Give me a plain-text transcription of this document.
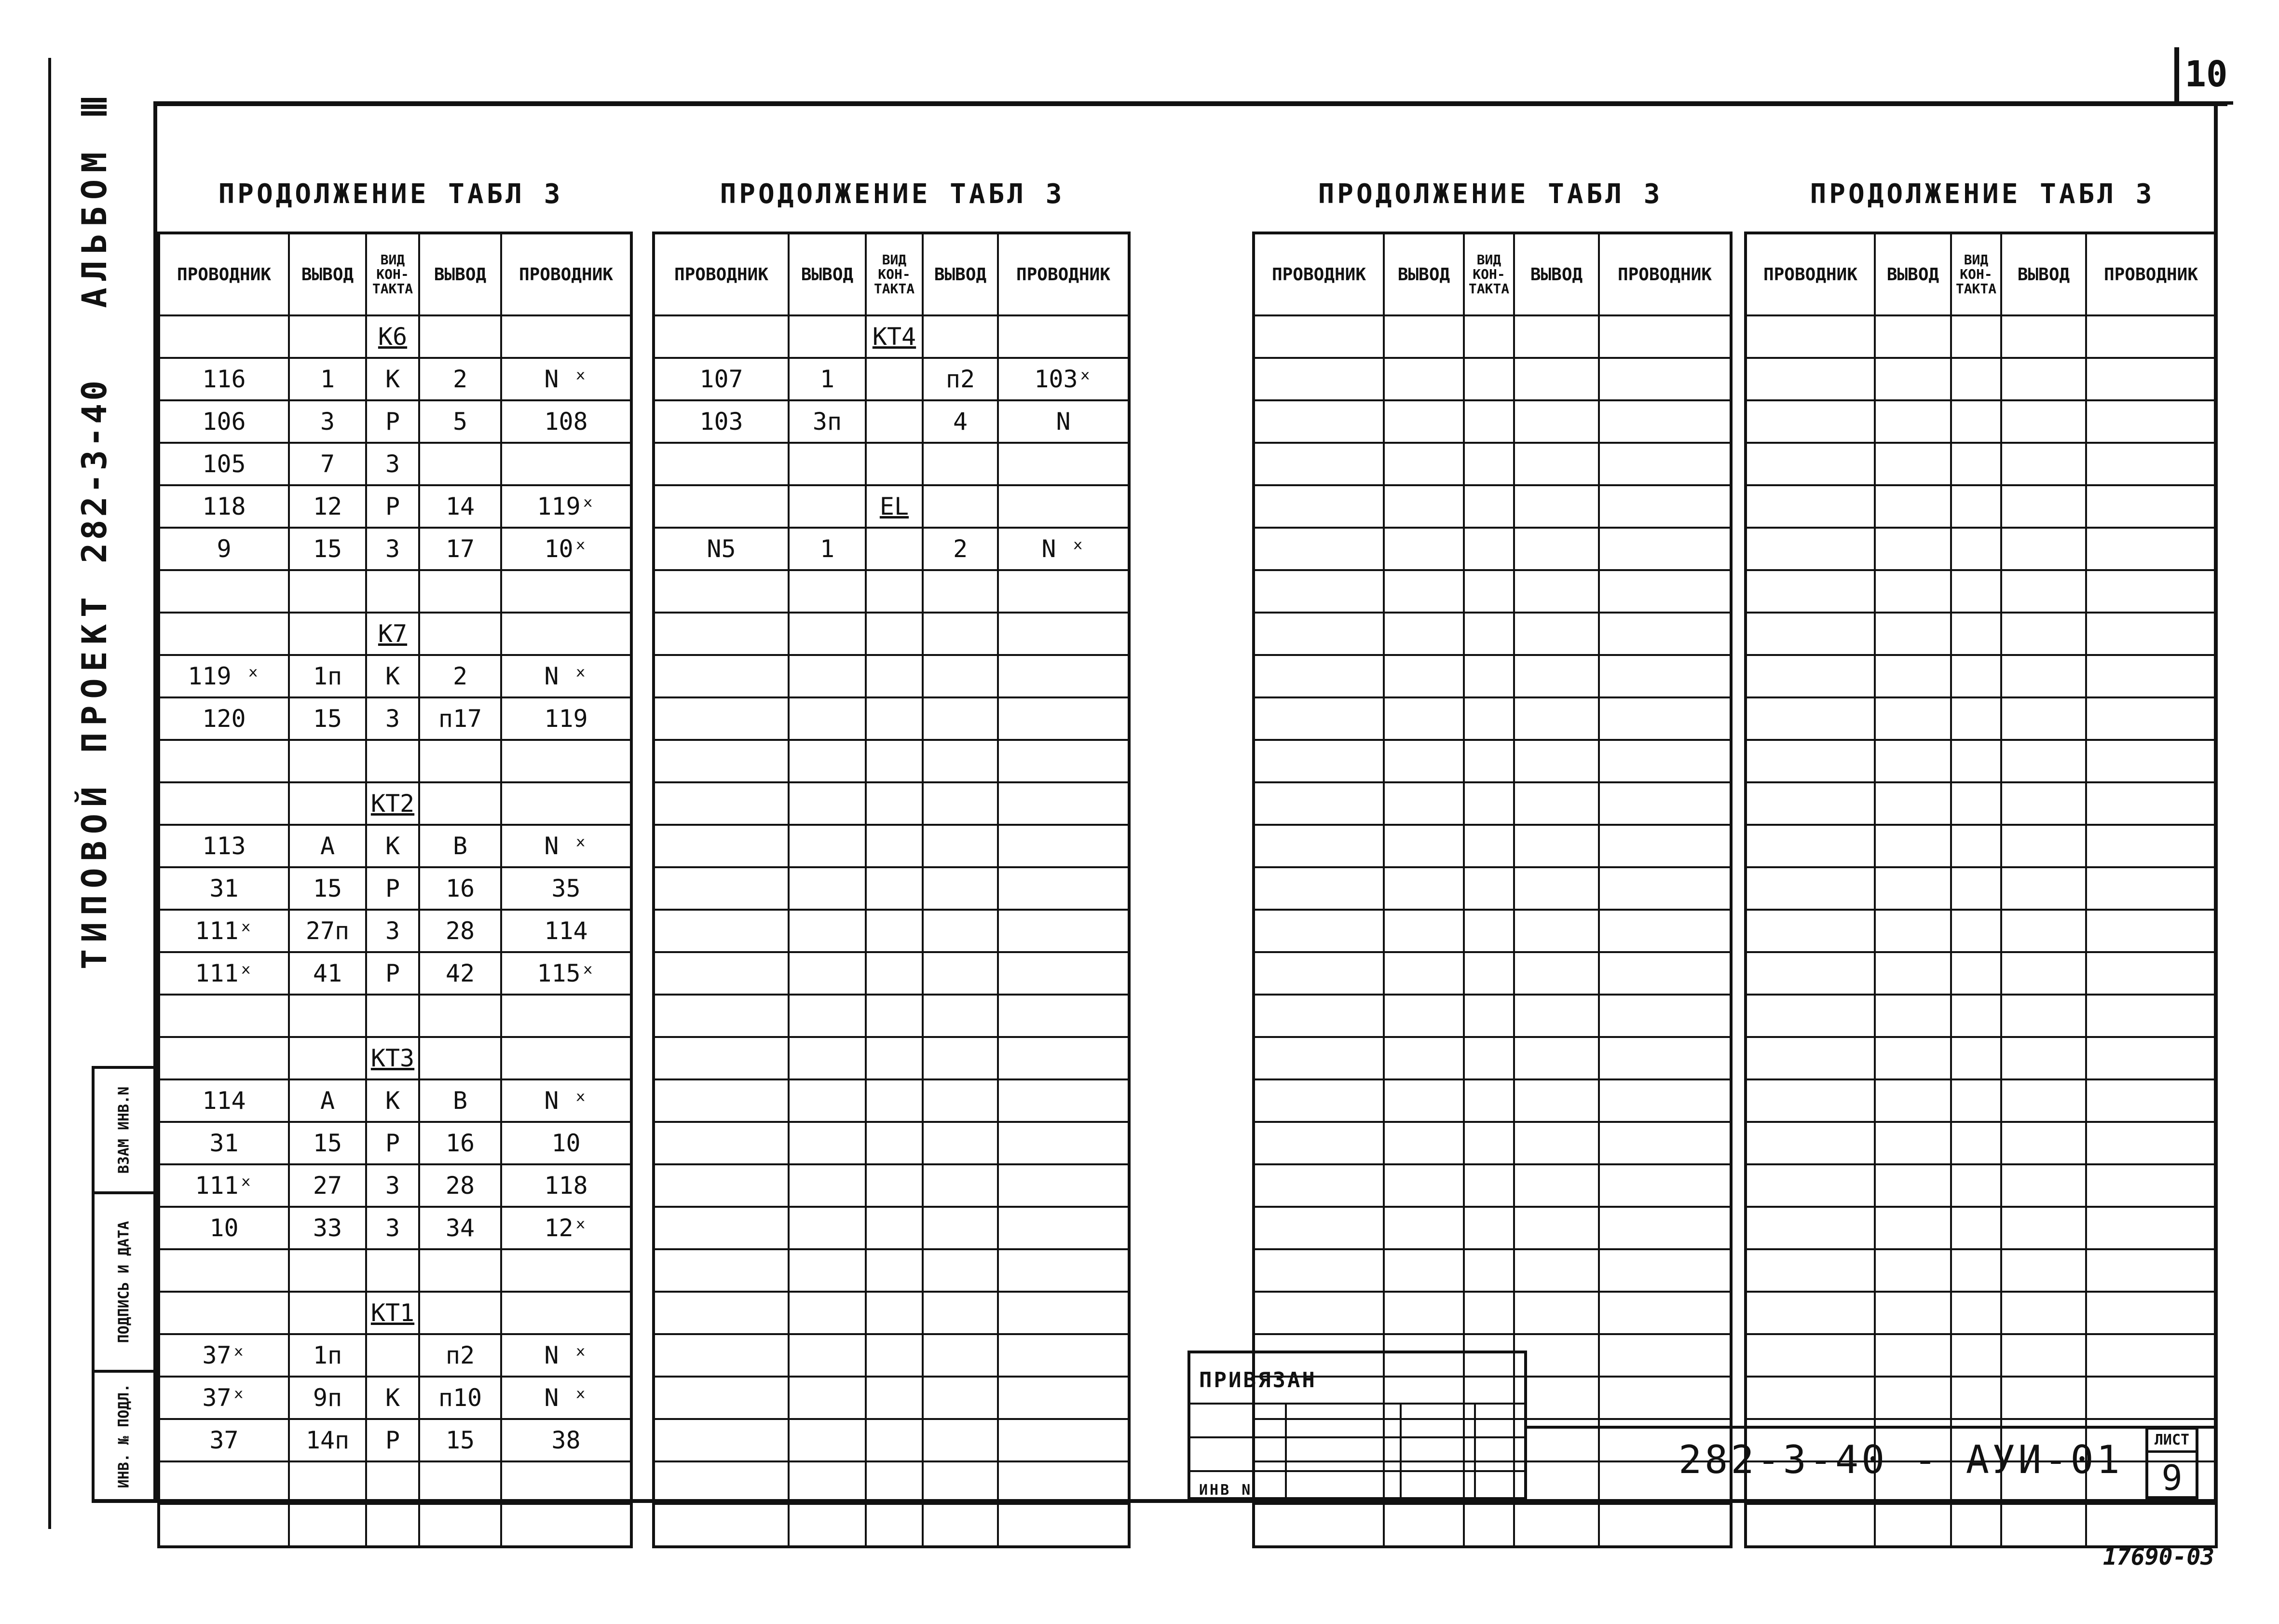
10
ТИПОВОЙ ПРОЕКТ 282-3-40 АЛЬБОМ Ⅲ
ВЗАМ ИНВ.N
ПОДПИСЬ И ДАТА
ИНВ. № ПОДЛ.
ПРОДОЛЖЕНИЕ ТАБЛ 3	ПРОДОЛЖЕНИЕ ТАБЛ 3	ПРОДОЛЖЕНИЕ ТАБЛ 3	ПРОДОЛЖЕНИЕ ТАБЛ 3
ПРОВОДНИК	ВЫВОД	ВИД КОН- ТАКТА	ВЫВОД	ПРОВОДНИК
		К6		
116	1	К	2	N ˣ
106	3	Р	5	108
105	7	З		
118	12	Р	14	119ˣ
9	15	З	17	10ˣ

		К7		
119 ˣ	1п	К	2	N ˣ
120	15	З	п17	119

		КТ2		
113	А	К	В	N ˣ
31	15	Р	16	35
111ˣ	27п	З	28	114
111ˣ	41	Р	42	115ˣ

		КТ3		
114	А	К	В	N ˣ
31	15	Р	16	10
111ˣ	27	З	28	118
10	33	З	34	12ˣ

		КТ1		
37ˣ	1п		п2	N ˣ
37ˣ	9п	К	п10	N ˣ
37	14п	Р	15	38

ПРОВОДНИК	ВЫВОД	ВИД КОН- ТАКТА	ВЫВОД	ПРОВОДНИК
		КТ4		
107	1		п2	103ˣ
103	3п		4	N

		EL		
N5	1		2	N ˣ

ПРОВОДНИК	ВЫВОД	ВИД КОН- ТАКТА	ВЫВОД	ПРОВОДНИК

					ПРОВОДНИК	ВЫВОД	ВИД КОН- ТАКТА	ВЫВОД	ПРОВОДНИК

ПРИВЯЗАН
ИНВ N
282-3-40 - АУИ-01	ЛИСТ
9
17690-03
